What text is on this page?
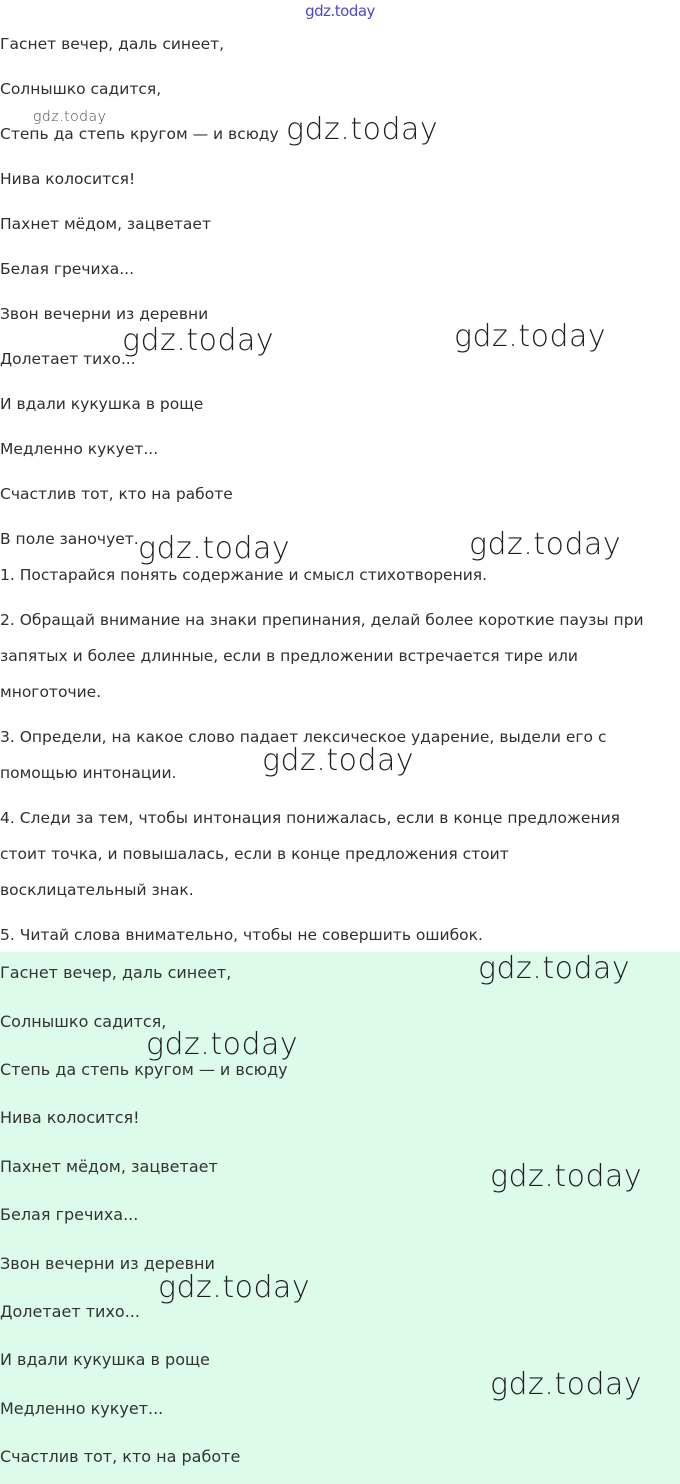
gdz.today
Гаснет вечер, даль синеет,
Солнышко садится,
Степь да степь кругом — и всюду
Нива колосится!
Пахнет мёдом, зацветает
Белая гречиха...
Звон вечерни из деревни
Долетает тихо...
И вдали кукушка в роще
Медленно кукует...
Счастлив тот, кто на работе
В поле заночует.
1. Постарайся понять содержание и смысл стихотворения.
2. Обращай внимание на знаки препинания, делай более короткие паузы при
запятых и более длинные, если в предложении встречается тире или
многоточие.
3. Определи, на какое слово падает лексическое ударение, выдели его с
помощью интонации.
4. Следи за тем, чтобы интонация понижалась, если в конце предложения
стоит точка, и повышалась, если в конце предложения стоит
восклицательный знак.
5. Читай слова внимательно, чтобы не совершить ошибок.
Гаснет вечер, даль синеет,
Солнышко садится,
Степь да степь кругом — и всюду
Нива колосится!
Пахнет мёдом, зацветает
Белая гречиха...
Звон вечерни из деревни
Долетает тихо...
И вдали кукушка в роще
Медленно кукует...
Счастлив тот, кто на работе
gdz.today	gdz.today
gdz.today	gdz.today
gdz.today	gdz.today
gdz.today
gdz.today
gdz.today
gdz.today
gdz.today
gdz.today
